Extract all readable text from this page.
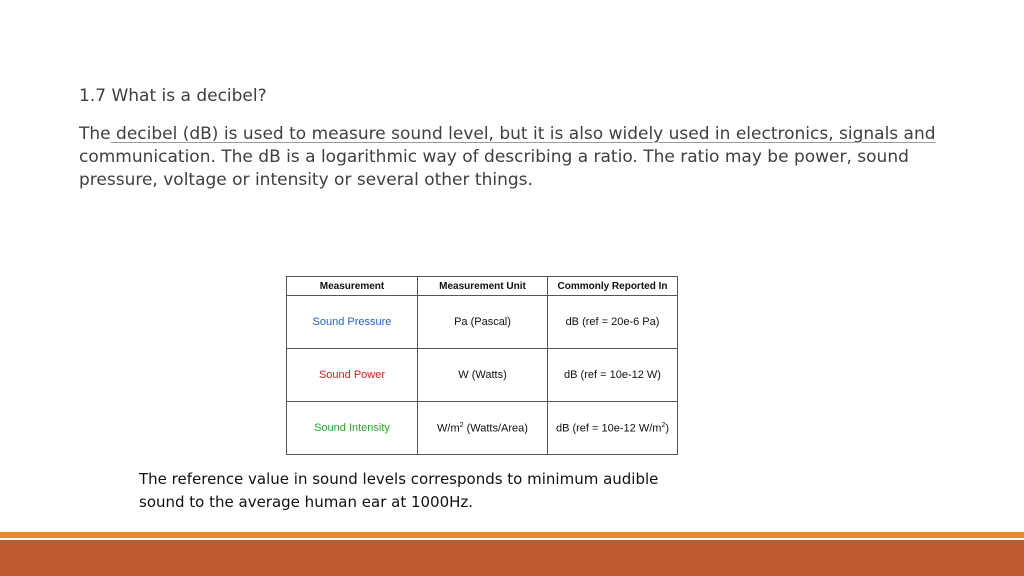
1.7 What is a decibel?
The decibel (dB) is used to measure sound level, but it is also widely used in electronics, signals and communication. The dB is a logarithmic way of describing a ratio. The ratio may be power, sound pressure, voltage or intensity or several other things.
Measurement	Measurement Unit	Commonly Reported In
Sound Pressure	Pa (Pascal)	dB (ref = 20e-6 Pa)
Sound Power	W (Watts)	dB (ref = 10e-12 W)
Sound Intensity	$W/m^2$ (Watts/Area)	dB (ref = 10e-12 $W/m^2$)
The reference value in sound levels corresponds to minimum audible sound to the average human ear at 1000Hz.
